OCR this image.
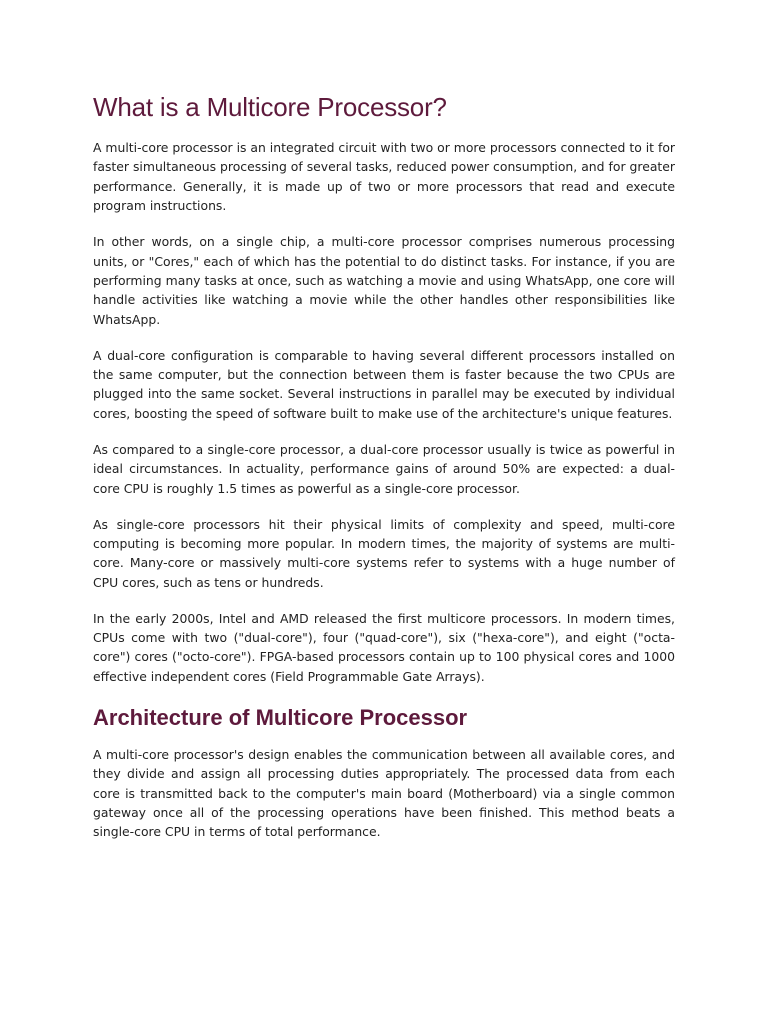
What is a Multicore Processor?

A multi-core processor is an integrated circuit with two or more processors connected to it for faster simultaneous processing of several tasks, reduced power consumption, and for greater performance. Generally, it is made up of two or more processors that read and execute program instructions.

In other words, on a single chip, a multi-core processor comprises numerous processing units, or "Cores," each of which has the potential to do distinct tasks. For instance, if you are performing many tasks at once, such as watching a movie and using WhatsApp, one core will handle activities like watching a movie while the other handles other responsibilities like WhatsApp.

A dual-core configuration is comparable to having several different processors installed on the same computer, but the connection between them is faster because the two CPUs are plugged into the same socket. Several instructions in parallel may be executed by individual cores, boosting the speed of software built to make use of the architecture's unique features.

As compared to a single-core processor, a dual-core processor usually is twice as powerful in ideal circumstances. In actuality, performance gains of around 50% are expected: a dual-core CPU is roughly 1.5 times as powerful as a single-core processor.

As single-core processors hit their physical limits of complexity and speed, multi-core computing is becoming more popular. In modern times, the majority of systems are multi-core. Many-core or massively multi-core systems refer to systems with a huge number of CPU cores, such as tens or hundreds.

In the early 2000s, Intel and AMD released the first multicore processors. In modern times, CPUs come with two ("dual-core"), four ("quad-core"), six ("hexa-core"), and eight ("octa-core") cores ("octo-core"). FPGA-based processors contain up to 100 physical cores and 1000 effective independent cores (Field Programmable Gate Arrays).

Architecture of Multicore Processor

A multi-core processor's design enables the communication between all available cores, and they divide and assign all processing duties appropriately. The processed data from each core is transmitted back to the computer's main board (Motherboard) via a single common gateway once all of the processing operations have been finished. This method beats a single-core CPU in terms of total performance.
